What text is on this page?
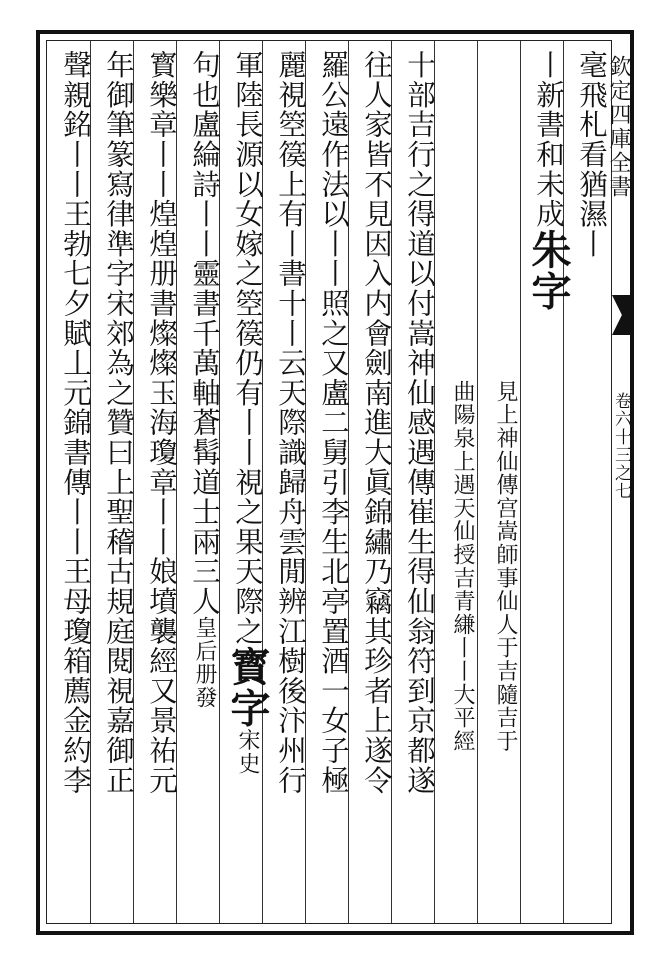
欽定四庫全書
卷六十三之七
毫飛札看猶濕丨
丨新書和未成朱字
見上神仙傳宫嵩師事仙人于吉隨吉于
曲陽泉上遇天仙授吉青縑丨丨大平經
十部吉行之得道以付嵩神仙感遇傳崔生得仙翁符到京都遂
往人家皆不見因入内會劍南進大眞錦繡乃竊其珍者上遂令
羅公遠作法以丨丨照之又盧二舅引李生北亭置酒一女子極
麗視箜篌上有丨書十丨云天際識歸舟雲閒辨江樹後汴州行
軍陸長源以女嫁之箜篌仍有丨丨視之果天際之寳字宋史
句也盧綸詩丨丨靈書千萬軸蒼髯道士兩三人皇后册發
寳樂章丨丨煌煌册書燦燦玉海瓊章丨丨娘墳襲經又景祐元
年御筆篆寫律準字宋郊為之贊曰上聖稽古規庭閱視嘉御正
聲親銘丨丨王勃七夕賦丄元錦書傳丨丨王母瓊箱薦金約李
